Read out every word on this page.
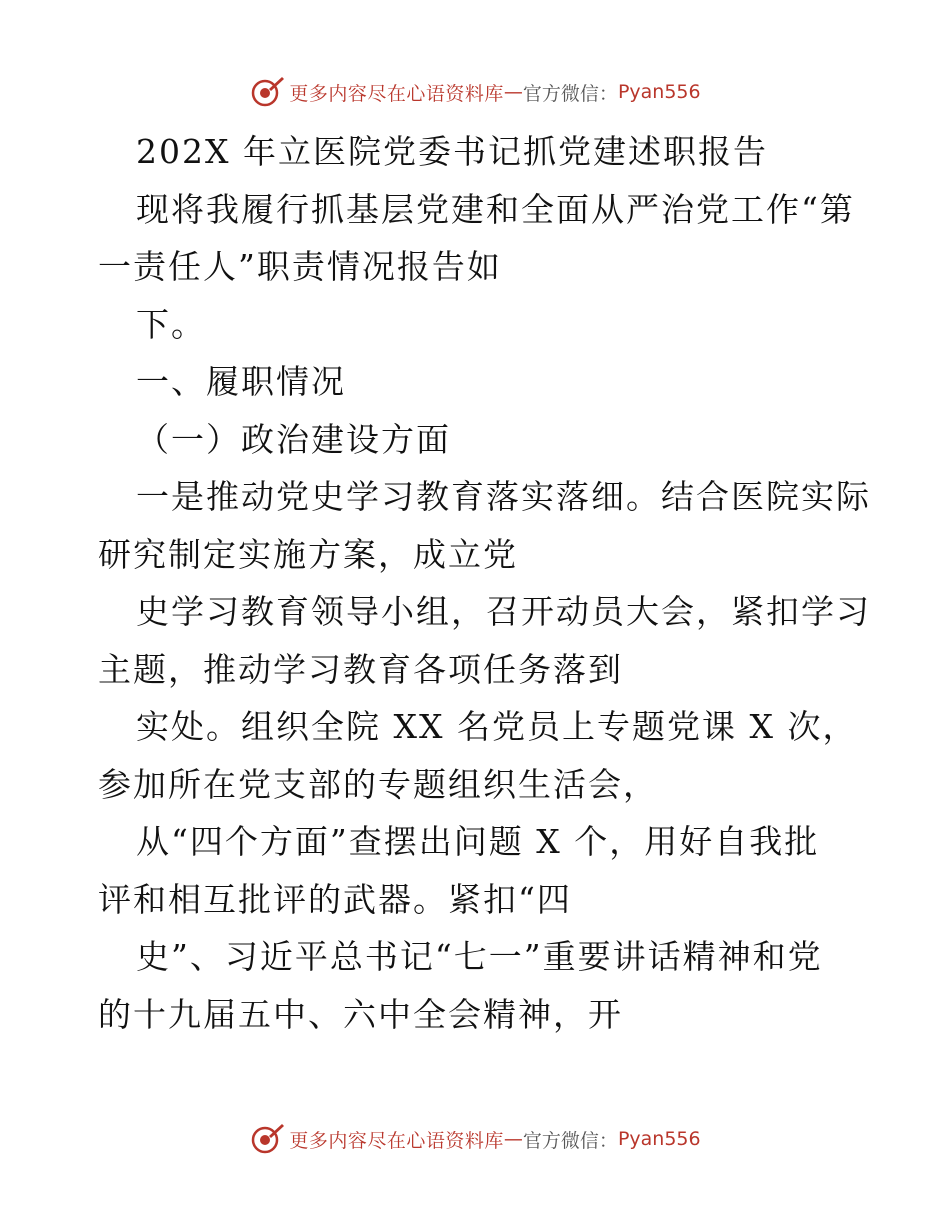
更多内容尽在心语资料库 — 官方微信： Pyan556
202X 年立医院党委书记抓党建述职报告
现将我履行抓基层党建和全面从严治党工作“第
一责任人”职责情况报告如
下。
一、履职情况
（一）政治建设方面
一是推动党史学习教育落实落细。结合医院实际
研究制定实施方案，成立党
史学习教育领导小组，召开动员大会，紧扣学习
主题，推动学习教育各项任务落到
实处。组织全院 XX 名党员上专题党课 X 次，
参加所在党支部的专题组织生活会，
从“四个方面”查摆出问题 X 个，用好自我批
评和相互批评的武器。紧扣“四
史”、习近平总书记“七一”重要讲话精神和党
的十九届五中、六中全会精神，开
更多内容尽在心语资料库 — 官方微信： Pyan556
